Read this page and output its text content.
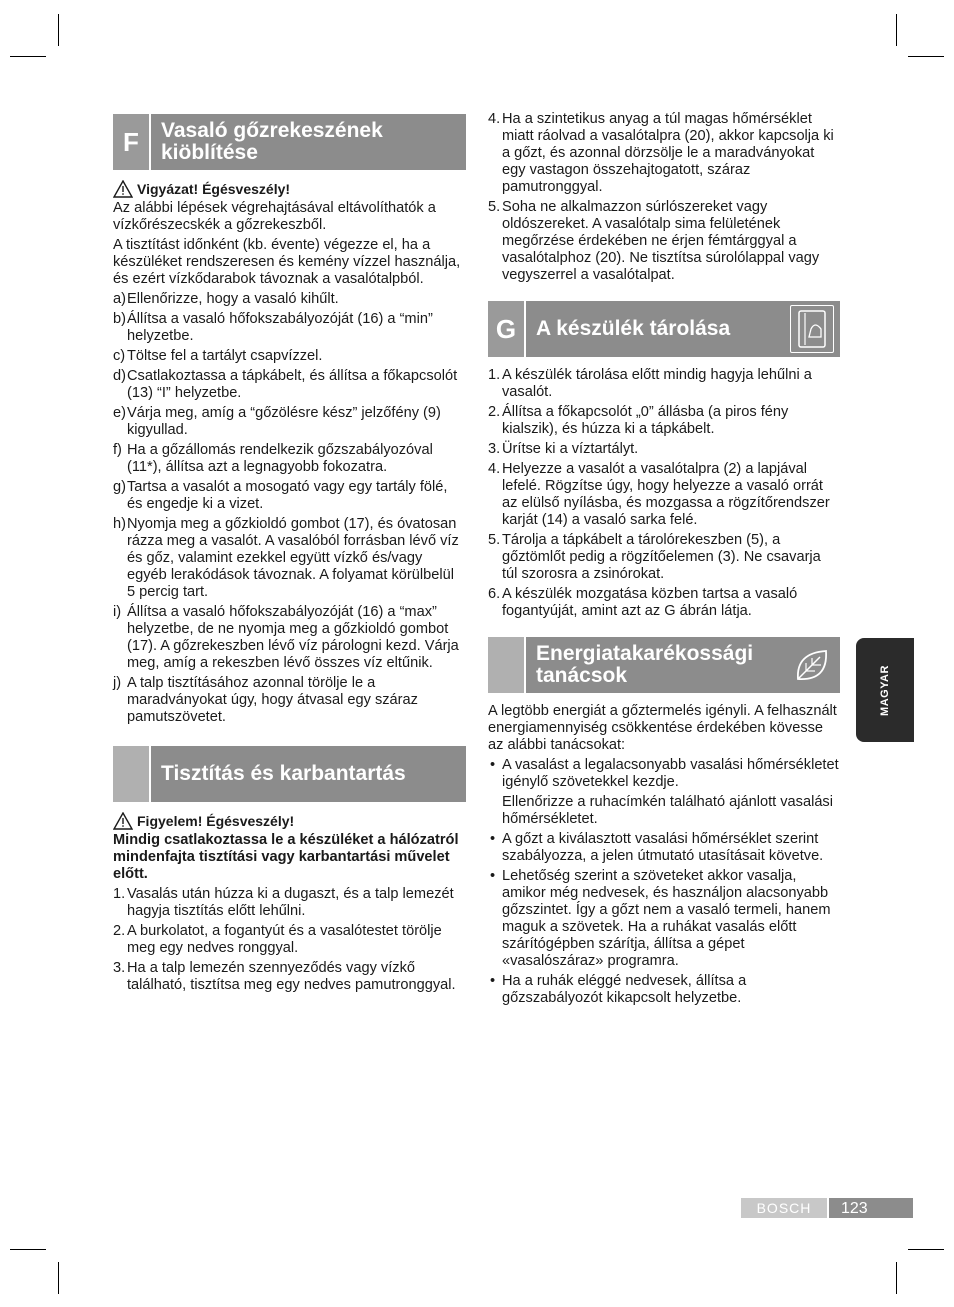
F	Vasaló gőzrekeszének kiöblítése
Vigyázat! Égésveszély!

Az alábbi lépések végrehajtásával eltávolíthatók a vízkőrészecskék a gőzrekeszből.

A tisztítást időnként (kb. évente) végezze el, ha a készüléket rendszeresen és kemény vízzel használja, és ezért vízkődarabok távoznak a vasalótalpból.

a) Ellenőrizze, hogy a vasaló kihűlt.
b) Állítsa a vasaló hőfokszabályozóját (16) a “min” helyzetbe.
c) Töltse fel a tartályt csapvízzel.
d) Csatlakoztassa a tápkábelt, és állítsa a főkapcsolót (13) “I” helyzetbe.
e) Várja meg, amíg a “gőzölésre kész” jelzőfény (9) kigyullad.
f) Ha a gőzállomás rendelkezik gőzszabályozóval (11*), állítsa azt a legnagyobb fokozatra.
g) Tartsa a vasalót a mosogató vagy egy tartály fölé, és engedje ki a vizet.
h) Nyomja meg a gőzkioldó gombot (17), és óvatosan rázza meg a vasalót. A vasalóból forrásban lévő víz és gőz, valamint ezekkel együtt vízkő és/vagy egyéb lerakódások távoznak. A folyamat körülbelül 5 percig tart.
i) Állítsa a vasaló hőfokszabályozóját (16) a “max” helyzetbe, de ne nyomja meg a gőzkioldó gombot (17). A gőzrekeszben lévő víz párologni kezd. Várja meg, amíg a rekeszben lévő összes víz eltűnik.
j) A talp tisztításához azonnal törölje le a maradványokat úgy, hogy átvasal egy száraz pamutszövetet.
Tisztítás és karbantartás
Figyelem! Égésveszély!

Mindig csatlakoztassa le a készüléket a hálózatról mindenfajta tisztítási vagy karbantartási művelet előtt.

1. Vasalás után húzza ki a dugaszt, és a talp lemezét hagyja tisztítás előtt lehűlni.
2. A burkolatot, a fogantyút és a vasalótestet törölje meg egy nedves ronggyal.
3. Ha a talp lemezén szennyeződés vagy vízkő található, tisztítsa meg egy nedves pamutronggyal.
4. Ha a szintetikus anyag a túl magas hőmérséklet miatt ráolvad a vasalótalpra (20), akkor kapcsolja ki a gőzt, és azonnal dörzsölje le a maradványokat egy vastagon összehajtogatott, száraz pamutronggyal.
5. Soha ne alkalmazzon súrlószereket vagy oldószereket. A vasalótalp sima felületének megőrzése érdekében ne érjen fémtárggyal a vasalótalphoz (20). Ne tisztítsa súrolólappal vagy vegyszerrel a vasalótalpat.
G A készülék tárolása
1. A készülék tárolása előtt mindig hagyja lehűlni a vasalót.
2. Állítsa a főkapcsolót „0” állásba (a piros fény kialszik), és húzza ki a tápkábelt.
3. Ürítse ki a víztartályt.
4. Helyezze a vasalót a vasalótalpra (2) a lapjával lefelé. Rögzítse úgy, hogy helyezze a vasaló orrát az elülső nyílásba, és mozgassa a rögzítőrendszer karját (14) a vasaló sarka felé.
5. Tárolja a tápkábelt a tárolórekeszben (5), a gőztömlőt pedig a rögzítőelemen (3). Ne csavarja túl szorosra a zsinórokat.
6. A készülék mozgatása közben tartsa a vasaló fogantyúját, amint azt az G ábrán látja.
Energiatakarékossági tanácsok

A legtöbb energiát a gőztermelés igényli. A felhasznált energiamennyiség csökkentése érdekében kövesse az alábbi tanácsokat:

• A vasalást a legalacsonyabb vasalási hőmérsékletet igénylő szövetekkel kezdje.
Ellenőrizze a ruhacímkén található ajánlott vasalási hőmérsékletet.
• A gőzt a kiválasztott vasalási hőmérséklet szerint szabályozza, a jelen útmutató utasításait követve.
• Lehetőség szerint a szöveteket akkor vasalja, amikor még nedvesek, és használjon alacsonyabb gőzszintet. Így a gőzt nem a vasaló termeli, hanem maguk a szövetek. Ha a ruhákat vasalás előtt szárítógépben szárítja, állítsa a gépet «vasalószáraz» programra.
• Ha a ruhák eléggé nedvesek, állítsa a gőzszabályozót kikapcsolt helyzetbe.
MAGYAR
BOSCH	123
